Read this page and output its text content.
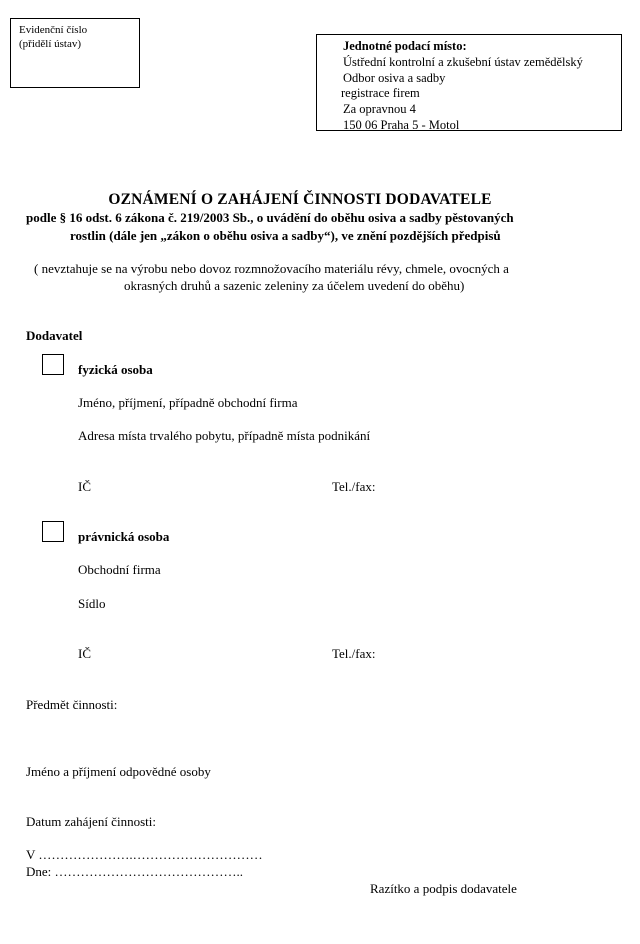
Evidenční číslo
(přidělí ústav)	Jednotné podací místo:
Ústřední kontrolní a zkušební ústav zemědělský
Odbor osiva a sadby
registrace firem
Za opravnou 4
150 06 Praha 5 - Motol
OZNÁMENÍ O ZAHÁJENÍ ČINNOSTI DODAVATELE
podle § 16 odst. 6 zákona č. 219/2003 Sb., o uvádění do oběhu osiva a sadby pěstovaných
rostlin (dále jen „zákon o oběhu osiva a sadby“), ve znění pozdějších předpisů
( nevztahuje se na výrobu nebo dovoz rozmnožovacího materiálu révy, chmele, ovocných a
okrasných druhů a sazenic zeleniny za účelem uvedení do oběhu)
Dodavatel
fyzická osoba
Jméno, příjmení, případně obchodní firma
Adresa místa trvalého pobytu, případně místa podnikání
IČ	Tel./fax:
právnická osoba
Obchodní firma
Sídlo
IČ	Tel./fax:
Předmět činnosti:
Jméno a příjmení odpovědné osoby
Datum zahájení činnosti:
V ………………….…………………………
Dne: ……………………………………..
Razítko a podpis dodavatele
